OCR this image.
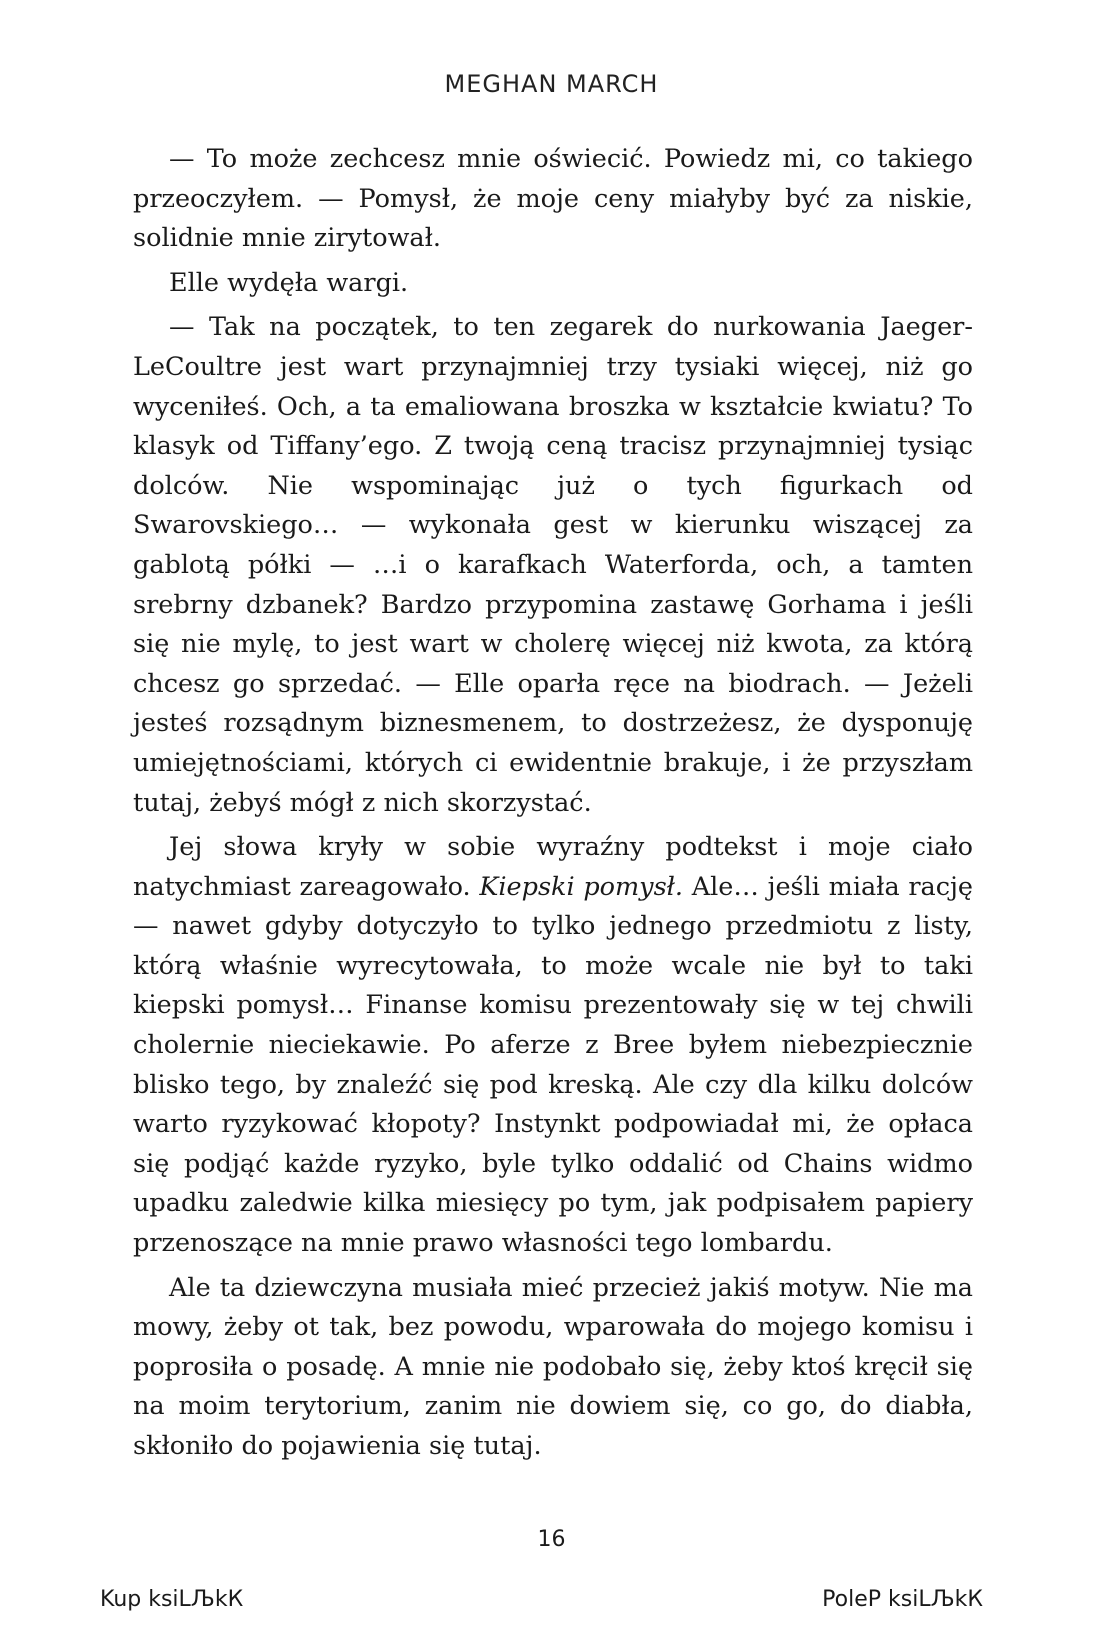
MEGHAN MARCH

— To może zechcesz mnie oświecić. Powiedz mi, co takiego przeoczyłem. — Pomysł, że moje ceny miałyby być za niskie, solidnie mnie zirytował.

Elle wydęła wargi.

— Tak na początek, to ten zegarek do nurkowania Jaeger-LeCoultre jest wart przynajmniej trzy tysiaki więcej, niż go wyceniłeś. Och, a ta emaliowana broszka w kształcie kwiatu? To klasyk od Tiffany’ego. Z twoją ceną tracisz przynajmniej tysiąc dolców. Nie wspominając już o tych figurkach od Swarovskiego… — wykonała gest w kierunku wiszącej za gablotą półki — …i o karafkach Waterforda, och, a tamten srebrny dzbanek? Bardzo przypomina zastawę Gorhama i jeśli się nie mylę, to jest wart w cholerę więcej niż kwota, za którą chcesz go sprzedać. — Elle oparła ręce na biodrach. — Jeżeli jesteś rozsądnym biznesmenem, to dostrzeżesz, że dysponuję umiejętnościami, których ci ewidentnie brakuje, i że przyszłam tutaj, żebyś mógł z nich skorzystać.

Jej słowa kryły w sobie wyraźny podtekst i moje ciało natychmiast zareagowało. Kiepski pomysł. Ale… jeśli miała rację — nawet gdyby dotyczyło to tylko jednego przedmiotu z listy, którą właśnie wyrecytowała, to może wcale nie był to taki kiepski pomysł… Finanse komisu prezentowały się w tej chwili cholernie nieciekawie. Po aferze z Bree byłem niebezpiecznie blisko tego, by znaleźć się pod kreską. Ale czy dla kilku dolców warto ryzykować kłopoty? Instynkt podpowiadał mi, że opłaca się podjąć każde ryzyko, byle tylko oddalić od Chains widmo upadku zaledwie kilka miesięcy po tym, jak podpisałem papiery przenoszące na mnie prawo własności tego lombardu.

Ale ta dziewczyna musiała mieć przecież jakiś motyw. Nie ma mowy, żeby ot tak, bez powodu, wparowała do mojego komisu i poprosiła o posadę. A mnie nie podobało się, żeby ktoś kręcił się na moim terytorium, zanim nie dowiem się, co go, do diabła, skłoniło do pojawienia się tutaj.

16
Kup ksiLЉkК	PoleР ksiLЉkК
